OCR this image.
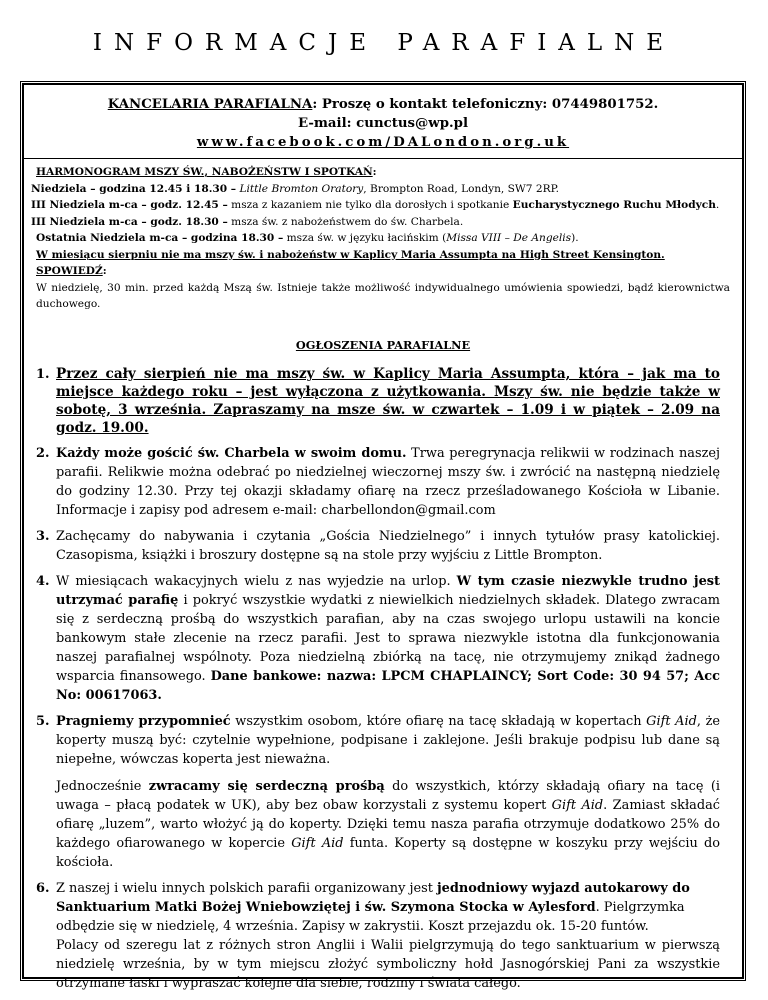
INFORMACJE PARAFIALNE
KANCELARIA PARAFIALNA: Proszę o kontakt telefoniczny: 07449801752.
E-mail: cunctus@wp.pl
www.facebook.com/DALondon.org.uk

HARMONOGRAM MSZY ŚW., NABOŻEŃSTW I SPOTKAŃ:

Niedziela – godzina 12.45 i 18.30 – Little Bromton Oratory, Brompton Road, Londyn, SW7 2RP.

III Niedziela m-ca – godz. 12.45 – msza z kazaniem nie tylko dla dorosłych i spotkanie Eucharystycznego Ruchu Młodych.

III Niedziela m-ca – godz. 18.30 – msza św. z nabożeństwem do św. Charbela.

Ostatnia Niedziela m-ca – godzina 18.30 – msza św. w języku łacińskim (Missa VIII – De Angelis).

W miesiącu sierpniu nie ma mszy św. i nabożeństw w Kaplicy Maria Assumpta na High Street Kensington.

SPOWIEDŹ:

W niedzielę, 30 min. przed każdą Mszą św. Istnieje także możliwość indywidualnego umówienia spowiedzi, bądź kierownictwa duchowego.

OGŁOSZENIA PARAFIALNE
1. Przez cały sierpień nie ma mszy św. w Kaplicy Maria Assumpta, która – jak ma to miejsce każdego roku – jest wyłączona z użytkowania. Mszy św. nie będzie także w sobotę, 3 września. Zapraszamy na msze św. w czwartek – 1.09 i w piątek – 2.09 na godz. 19.00.
2. Każdy może gościć św. Charbela w swoim domu. Trwa peregrynacja relikwii w rodzinach naszej parafii. Relikwie można odebrać po niedzielnej wieczornej mszy św. i zwrócić na następną niedzielę do godziny 12.30. Przy tej okazji składamy ofiarę na rzecz prześladowanego Kościoła w Libanie. Informacje i zapisy pod adresem e-mail: charbellondon@gmail.com
3. Zachęcamy do nabywania i czytania „Gościa Niedzielnego” i innych tytułów prasy katolickiej. Czasopisma, książki i broszury dostępne są na stole przy wyjściu z Little Brompton.
4. W miesiącach wakacyjnych wielu z nas wyjedzie na urlop. W tym czasie niezwykle trudno jest utrzymać parafię i pokryć wszystkie wydatki z niewielkich niedzielnych składek. Dlatego zwracam się z serdeczną prośbą do wszystkich parafian, aby na czas swojego urlopu ustawili na koncie bankowym stałe zlecenie na rzecz parafii. Jest to sprawa niezwykle istotna dla funkcjonowania naszej parafialnej wspólnoty. Poza niedzielną zbiórką na tacę, nie otrzymujemy znikąd żadnego wsparcia finansowego. Dane bankowe: nazwa: LPCM CHAPLAINCY; Sort Code: 30 94 57; Acc No: 00617063.
5. Pragniemy przypomnieć wszystkim osobom, które ofiarę na tacę składają w kopertach Gift Aid, że koperty muszą być: czytelnie wypełnione, podpisane i zaklejone. Jeśli brakuje podpisu lub dane są niepełne, wówczas koperta jest nieważna.

Jednocześnie zwracamy się serdeczną prośbą do wszystkich, którzy składają ofiary na tacę (i uwaga – płacą podatek w UK), aby bez obaw korzystali z systemu kopert Gift Aid. Zamiast składać ofiarę „luzem”, warto włożyć ją do koperty. Dzięki temu nasza parafia otrzymuje dodatkowo 25% do każdego ofiarowanego w kopercie Gift Aid funta. Koperty są dostępne w koszyku przy wejściu do kościoła.

6. Z naszej i wielu innych polskich parafii organizowany jest jednodniowy wyjazd autokarowy do Sanktuarium Matki Bożej Wniebowziętej i św. Szymona Stocka w Aylesford. Pielgrzymka odbędzie się w niedzielę, 4 września. Zapisy w zakrystii. Koszt przejazdu ok. 15-20 funtów.

Polacy od szeregu lat z różnych stron Anglii i Walii pielgrzymują do tego sanktuarium w pierwszą niedzielę września, by w tym miejscu złożyć symboliczny hołd Jasnogórskiej Pani za wszystkie otrzymane łaski i wypraszać kolejne dla siebie, rodziny i świata całego.
